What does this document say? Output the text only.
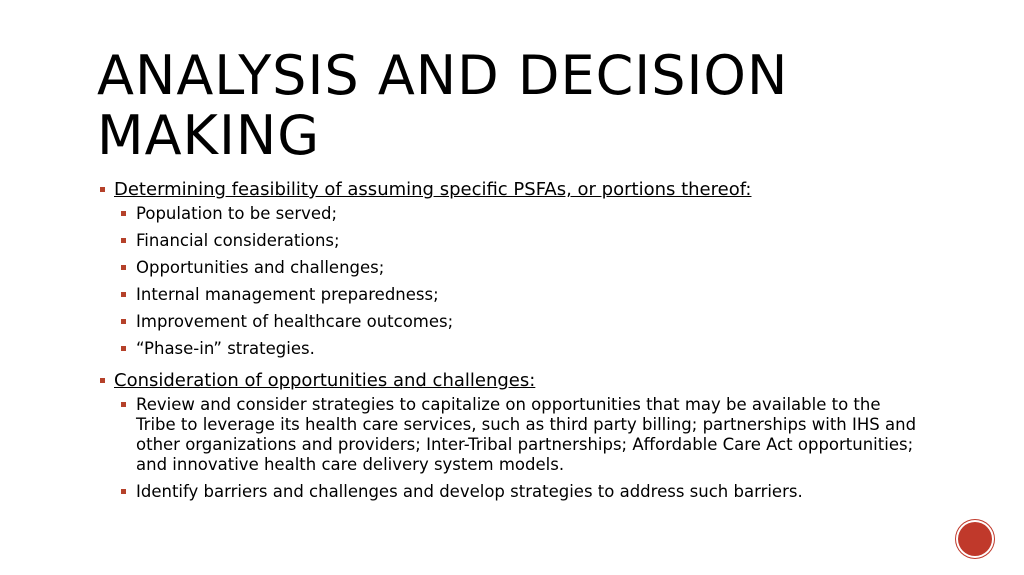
ANALYSIS AND DECISION MAKING
Determining feasibility of assuming specific PSFAs, or portions thereof:
Population to be served;
Financial considerations;
Opportunities and challenges;
Internal management preparedness;
Improvement of healthcare outcomes;
“Phase-in” strategies.
Consideration of opportunities and challenges:
Review and consider strategies to capitalize on opportunities that may be available to the Tribe to leverage its health care services, such as third party billing; partnerships with IHS and other organizations and providers; Inter-Tribal partnerships; Affordable Care Act opportunities; and innovative health care delivery system models.
Identify barriers and challenges and develop strategies to address such barriers.
